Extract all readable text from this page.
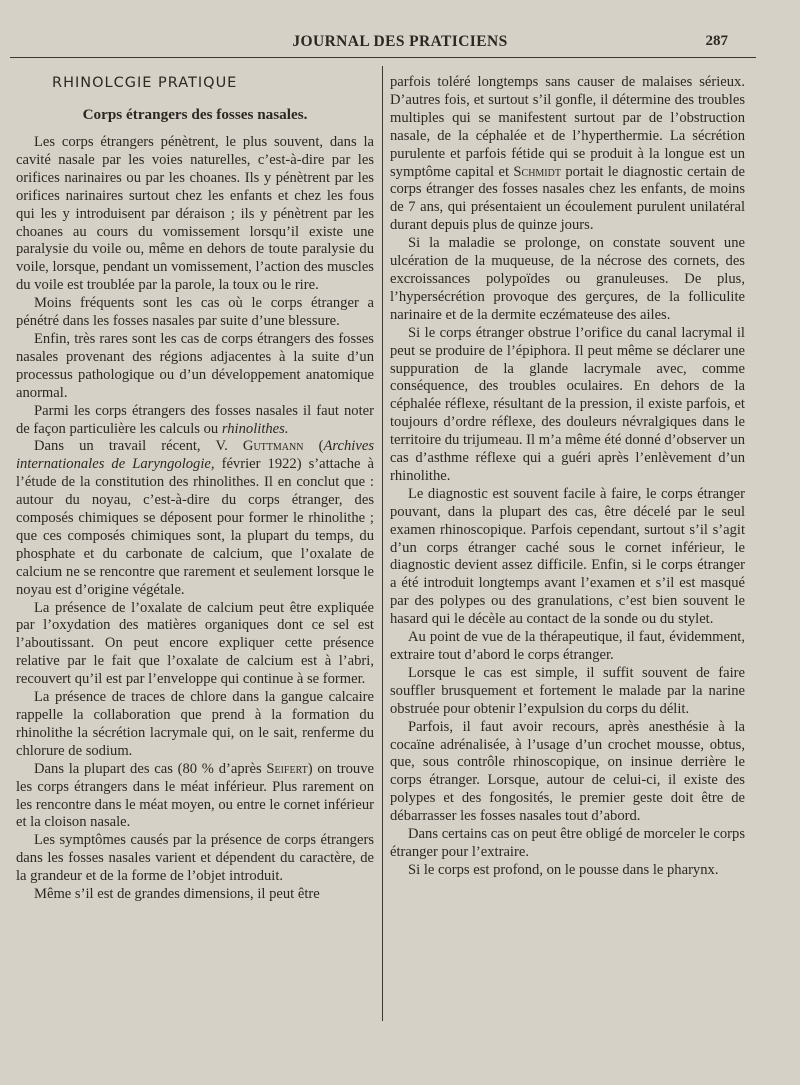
JOURNAL DES PRATICIENS	287
RHINOLCGIE PRATIQUE
Corps étrangers des fosses nasales.

Les corps étrangers pénètrent, le plus souvent, dans la cavité nasale par les voies naturelles, c’est-à-dire par les orifices narinaires ou par les choanes. Ils y pénètrent par les orifices narinaires surtout chez les enfants et chez les fous qui les y introduisent par déraison ; ils y pénètrent par les choanes au cours du vomissement lorsqu’il existe une paralysie du voile ou, même en dehors de toute paralysie du voile, lorsque, pendant un vomissement, l’action des muscles du voile est troublée par la parole, la toux ou le rire.

Moins fréquents sont les cas où le corps étranger a pénétré dans les fosses nasales par suite d’une blessure.

Enfin, très rares sont les cas de corps étrangers des fosses nasales provenant des régions adjacentes à la suite d’un processus pathologique ou d’un développement anatomique anormal.

Parmi les corps étrangers des fosses nasales il faut noter de façon particulière les calculs ou rhinolithes.

Dans un travail récent, V. Guttmann (Archives internationales de Laryngologie, février 1922) s’attache à l’étude de la constitution des rhinolithes. Il en conclut que : autour du noyau, c’est-à-dire du corps étranger, des composés chimiques se déposent pour former le rhinolithe ; que ces composés chimiques sont, la plupart du temps, du phosphate et du carbonate de calcium, que l’oxalate de calcium ne se rencontre que rarement et seulement lorsque le noyau est d’origine végétale.

La présence de l’oxalate de calcium peut être expliquée par l’oxydation des matières organiques dont ce sel est l’aboutissant. On peut encore expliquer cette présence relative par le fait que l’oxalate de calcium est à l’abri, recouvert qu’il est par l’enveloppe qui continue à se former.

La présence de traces de chlore dans la gangue calcaire rappelle la collaboration que prend à la formation du rhinolithe la sécrétion lacrymale qui, on le sait, renferme du chlorure de sodium.

Dans la plupart des cas (80 % d’après Seifert) on trouve les corps étrangers dans le méat inférieur. Plus rarement on les rencontre dans le méat moyen, ou entre le cornet inférieur et la cloison nasale.

Les symptômes causés par la présence de corps étrangers dans les fosses nasales varient et dépendent du caractère, de la grandeur et de la forme de l’objet introduit.

Même s’il est de grandes dimensions, il peut être

parfois toléré longtemps sans causer de malaises sérieux. D’autres fois, et surtout s’il gonfle, il détermine des troubles multiples qui se manifestent surtout par de l’obstruction nasale, de la céphalée et de l’hyperthermie. La sécrétion purulente et parfois fétide qui se produit à la longue est un symptôme capital et Schmidt portait le diagnostic certain de corps étranger des fosses nasales chez les enfants, de moins de 7 ans, qui présentaient un écoulement purulent unilatéral durant depuis plus de quinze jours.

Si la maladie se prolonge, on constate souvent une ulcération de la muqueuse, de la nécrose des cornets, des excroissances polypoïdes ou granuleuses. De plus, l’hypersécrétion provoque des gerçures, de la folliculite narinaire et de la dermite eczémateuse des ailes.

Si le corps étranger obstrue l’orifice du canal lacrymal il peut se produire de l’épiphora. Il peut même se déclarer une suppuration de la glande lacrymale avec, comme conséquence, des troubles oculaires. En dehors de la céphalée réflexe, résultant de la pression, il existe parfois, et toujours d’ordre réflexe, des douleurs névralgiques dans le territoire du trijumeau. Il m’a même été donné d’observer un cas d’asthme réflexe qui a guéri après l’enlèvement d’un rhinolithe.

Le diagnostic est souvent facile à faire, le corps étranger pouvant, dans la plupart des cas, être décelé par le seul examen rhinoscopique. Parfois cependant, surtout s’il s’agit d’un corps étranger caché sous le cornet inférieur, le diagnostic devient assez difficile. Enfin, si le corps étranger a été introduit longtemps avant l’examen et s’il est masqué par des polypes ou des granulations, c’est bien souvent le hasard qui le décèle au contact de la sonde ou du stylet.

Au point de vue de la thérapeutique, il faut, évidemment, extraire tout d’abord le corps étranger.

Lorsque le cas est simple, il suffit souvent de faire souffler brusquement et fortement le malade par la narine obstruée pour obtenir l’expulsion du corps du délit.

Parfois, il faut avoir recours, après anesthésie à la cocaïne adrénalisée, à l’usage d’un crochet mousse, obtus, que, sous contrôle rhinoscopique, on insinue derrière le corps étranger. Lorsque, autour de celui-ci, il existe des polypes et des fongosités, le premier geste doit être de débarrasser les fosses nasales tout d’abord.

Dans certains cas on peut être obligé de morceler le corps étranger pour l’extraire.

Si le corps est profond, on le pousse dans le pharynx.
